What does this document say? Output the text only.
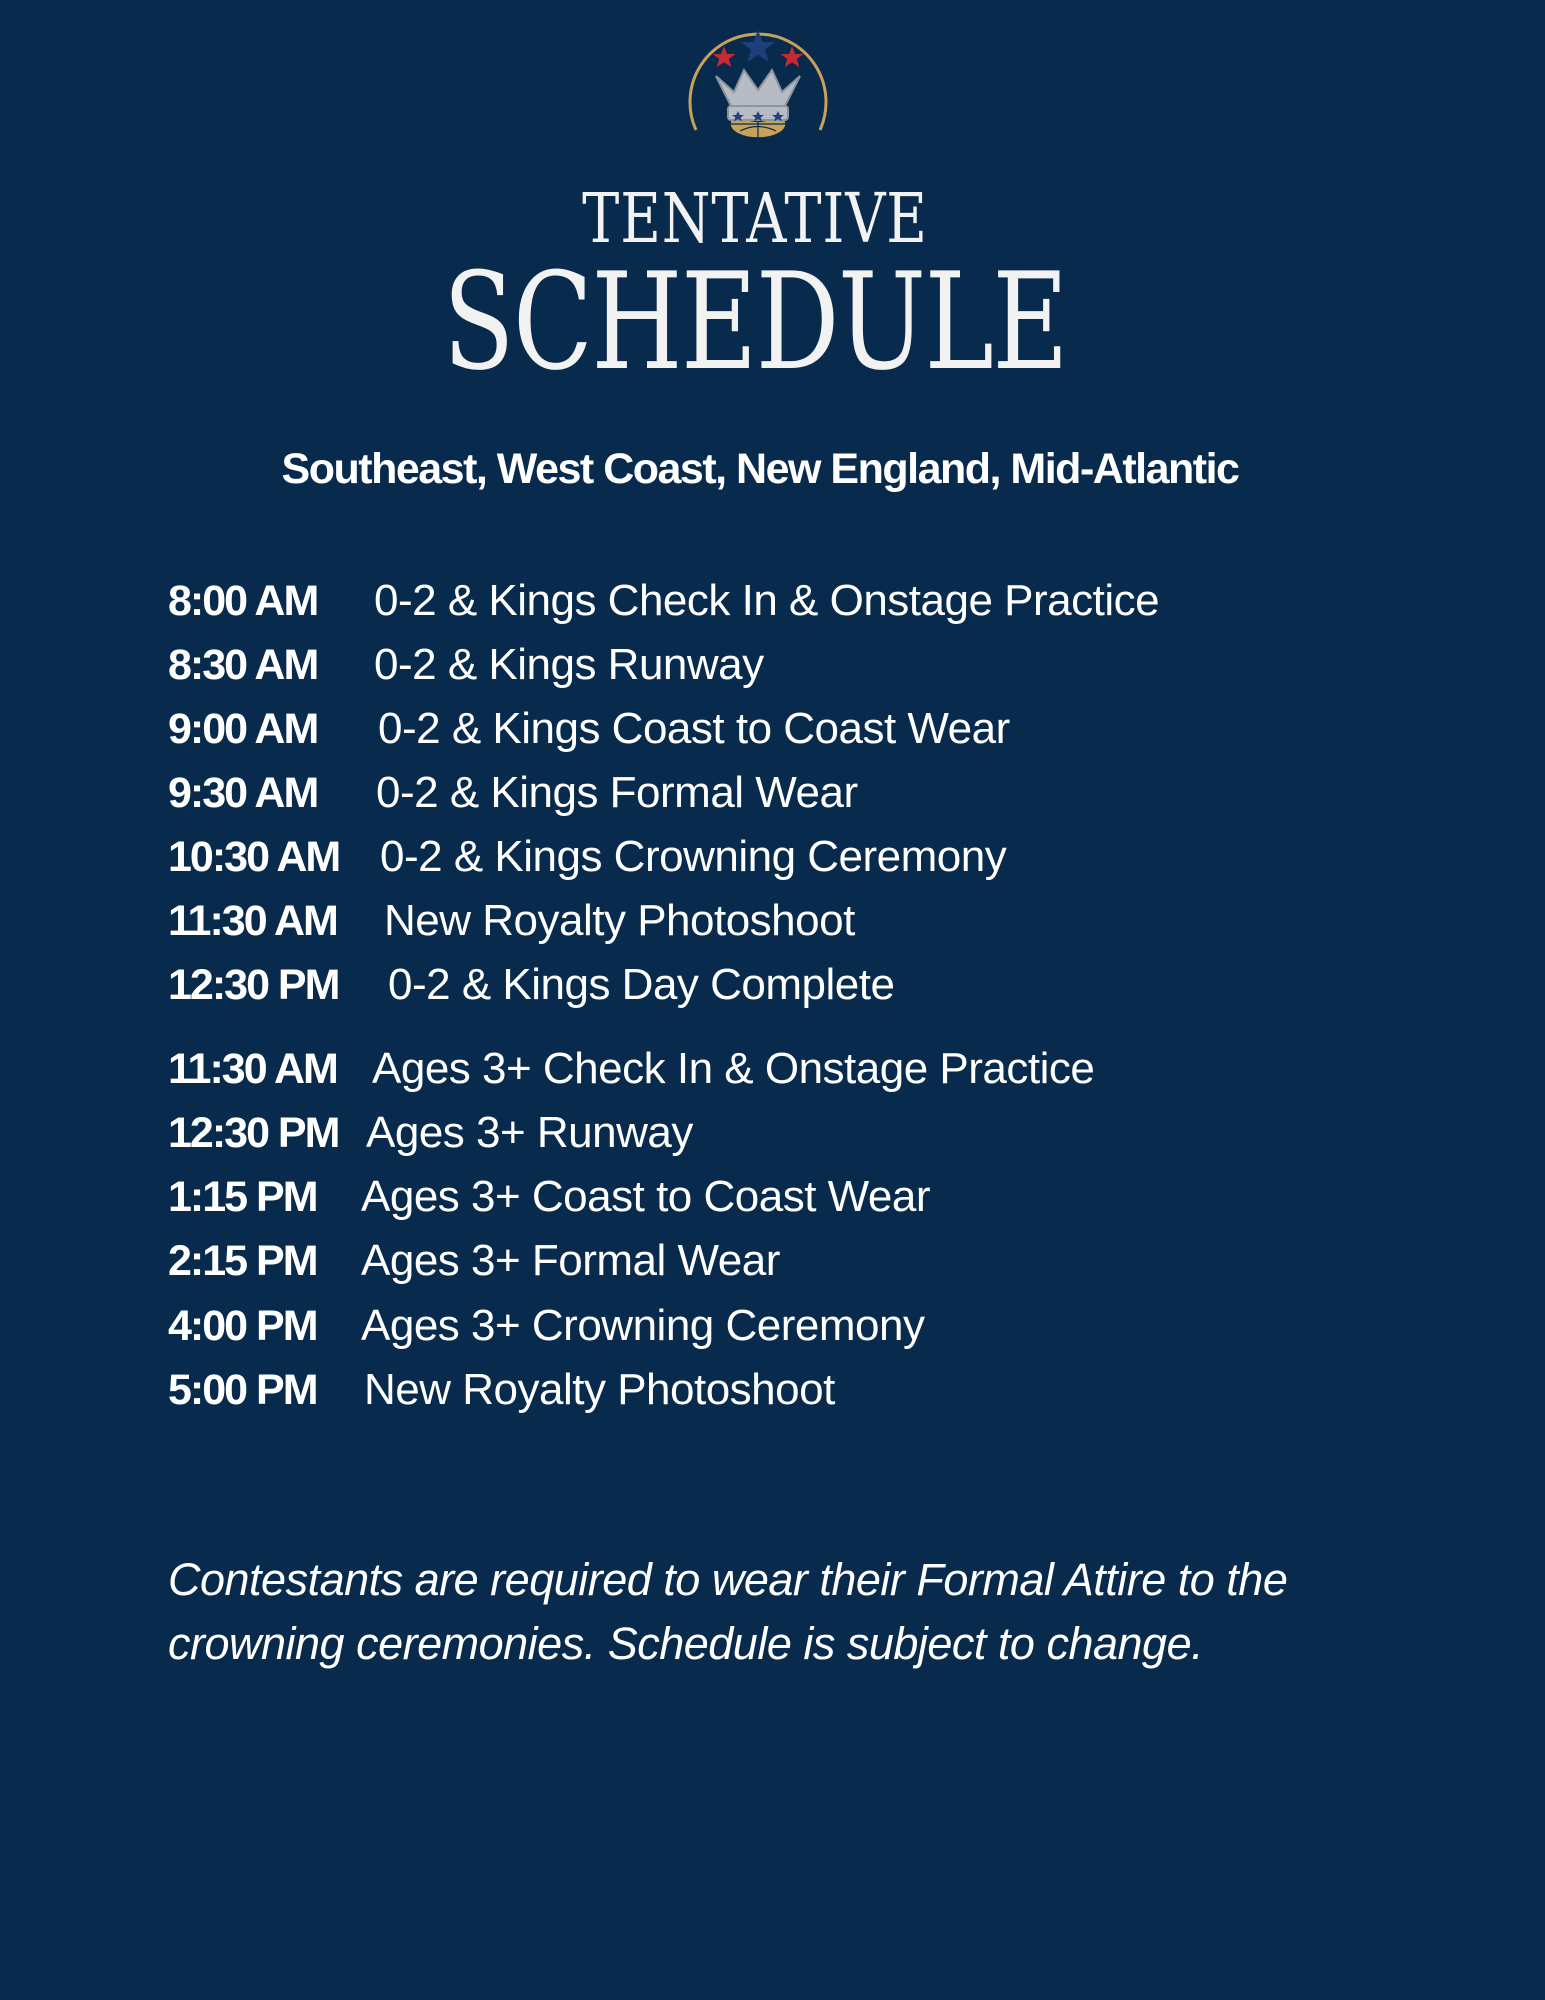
TENTATIVE
SCHEDULE
Southeast, West Coast, New England, Mid-Atlantic
8:00 AM	0-2 & Kings Check In & Onstage Practice
8:30 AM	0-2 & Kings Runway
9:00 AM	0-2 & Kings Coast to Coast Wear
9:30 AM	0-2 & Kings Formal Wear
10:30 AM 0-2 & Kings Crowning Ceremony
11:30 AM	New Royalty Photoshoot
12:30 PM	0-2 & Kings Day Complete
11:30 AM Ages 3+ Check In & Onstage Practice
12:30 PM Ages 3+ Runway
1:15 PM	Ages 3+ Coast to Coast Wear
2:15 PM	Ages 3+ Formal Wear
4:00 PM	Ages 3+ Crowning Ceremony
5:00 PM	New Royalty Photoshoot
Contestants are required to wear their Formal Attire to the crowning ceremonies. Schedule is subject to change.
